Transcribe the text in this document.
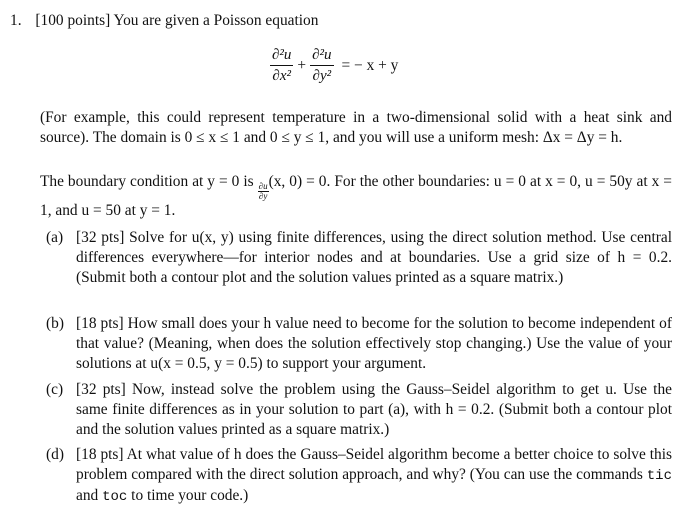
1. [100 points] You are given a Poisson equation
$\frac{\text{∂²u}}{\text{∂x²}} + \frac{\text{∂²u}}{\text{∂y²}}$ = − x + y
(For example, this could represent temperature in a two-dimensional solid with a heat sink and source). The domain is 0 ≤ x ≤ 1 and 0 ≤ y ≤ 1, and you will use a uniform mesh: Δx = Δy = h.
The boundary condition at y = 0 is
$\frac{\partial u}{\partial y}$
(x, 0) = 0. For the other boundaries: u = 0 at x = 0, u = 50y at x = 1, and u = 50 at y = 1.
(a) [32 pts] Solve for u(x, y) using finite differences, using the direct solution method. Use central differences everywhere—for interior nodes and at boundaries. Use a grid size of h = 0.2. (Submit both a contour plot and the solution values printed as a square matrix.)
(b) [18 pts] How small does your h value need to become for the solution to become independent of that value? (Meaning, when does the solution effectively stop changing.) Use the value of your solutions at u(x = 0.5, y = 0.5) to support your argument.
(c) [32 pts] Now, instead solve the problem using the Gauss–Seidel algorithm to get u. Use the same finite differences as in your solution to part (a), with h = 0.2. (Submit both a contour plot and the solution values printed as a square matrix.)
(d) [18 pts] At what value of h does the Gauss–Seidel algorithm become a better choice to solve this problem compared with the direct solution approach, and why? (You can use the commands tic and toc to time your code.)
